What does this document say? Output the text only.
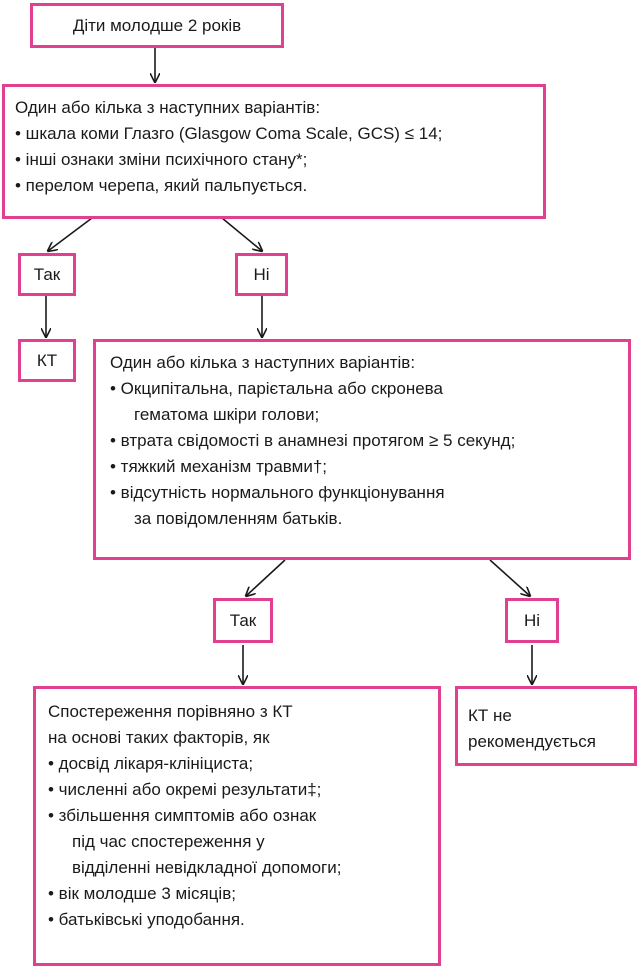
Діти молодше 2 років
Один або кілька з наступних варіантів:
• шкала коми Глазго (Glasgow Coma Scale, GCS) ≤ 14;
• інші ознаки зміни психічного стану*;
• перелом черепа, який пальпується.
Так	Ні
КТ	Один або кілька з наступних варіантів:
• Окципітальна, парієтальна або скронева
гематома шкіри голови;
• втрата свідомості в анамнезі протягом ≥ 5 секунд;
• тяжкий механізм травми†;
• відсутність нормального функціонування
за повідомленням батьків.
Так	Ні
Спостереження порівняно з КТ
на основі таких факторів, як
• досвід лікаря-клініциста;
• численні або окремі результати‡;
• збільшення симптомів або ознак
під час спостереження у
відділенні невідкладної допомоги;
• вік молодше 3 місяців;
• батьківські уподобання.
КТ не
рекомендується
